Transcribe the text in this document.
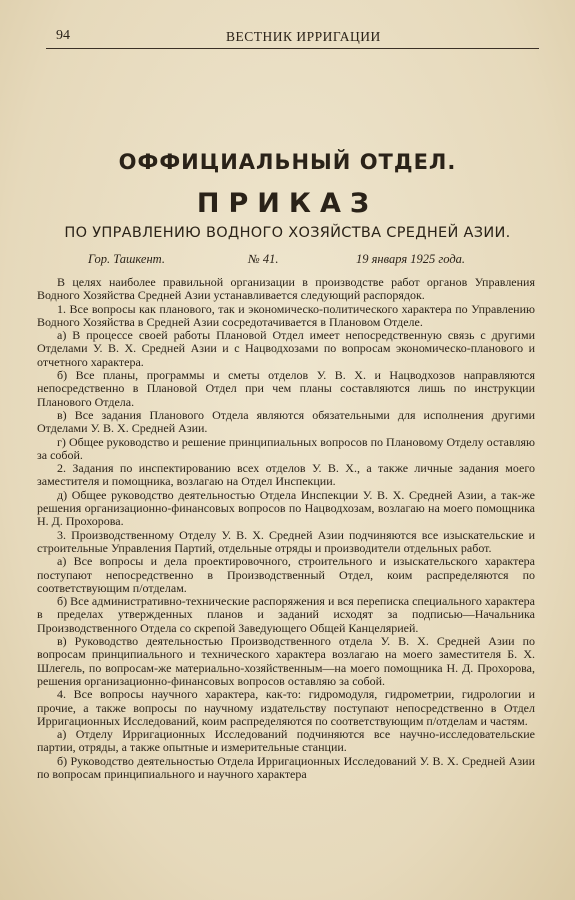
94	ВЕСТНИК ИРРИГАЦИИ
ОФФИЦИАЛЬНЫЙ ОТДЕЛ.
ПРИКАЗ
ПО УПРАВЛЕНИЮ ВОДНОГО ХОЗЯЙСТВА СРЕДНЕЙ АЗИИ.
Гор. Ташкент.	№ 41.	19 января 1925 года.

В целях наиболее правильной организации в производстве работ органов Управления Водного Хозяйства Средней Азии устанавливается следующий распорядок.

1. Все вопросы как планового, так и экономическо-политического характера по Управлению Водного Хозяйства в Средней Азии сосредотачивается в Плановом Отделе.

а) В процессе своей работы Плановой Отдел имеет непосредственную связь с другими Отделами У. В. Х. Средней Азии и с Нацводхозами по вопросам экономическо-планового и отчетного характера.

б) Все планы, программы и сметы отделов У. В. Х. и Нацводхозов направляются непосредственно в Плановой Отдел при чем планы составляются лишь по инструкции Планового Отдела.

в) Все задания Планового Отдела являются обязательными для исполнения другими Отделами У. В. Х. Средней Азии.

г) Общее руководство и решение принципиальных вопросов по Плановому Отделу оставляю за собой.

2. Задания по инспектированию всех отделов У. В. Х., а также личные задания моего заместителя и помощника, возлагаю на Отдел Инспекции.

д) Общее руководство деятельностью Отдела Инспекции У. В. Х. Средней Азии, а так-же решения организационно-финансовых вопросов по Нацводхозам, возлагаю на моего помощника Н. Д. Прохорова.

3. Производственному Отделу У. В. Х. Средней Азии подчиняются все изыскательские и строительные Управления Партий, отдельные отряды и производители отдельных работ.

а) Все вопросы и дела проектировочного, строительного и изыскательского характера поступают непосредственно в Производственный Отдел, коим распределяются по соответствующим п/отделам.

б) Все административно-технические распоряжения и вся переписка специального характера в пределах утвержденных планов и заданий исходят за подписью—Начальника Производственного Отдела со скрепой Заведующего Общей Канцелярией.

в) Руководство деятельностью Производственного отдела У. В. Х. Средней Азии по вопросам принципиального и технического характера возлагаю на моего заместителя Б. Х. Шлегель, по вопросам-же материально-хозяйственным—на моего помощника Н. Д. Прохорова, решения организационно-финансовых вопросов оставляю за собой.

4. Все вопросы научного характера, как-то: гидромодуля, гидрометрии, гидрологии и прочие, а также вопросы по научному издательству поступают непосредственно в Отдел Ирригационных Исследований, коим распределяются по соответствующим п/отделам и частям.

а) Отделу Ирригационных Исследований подчиняются все научно-исследовательские партии, отряды, а также опытные и измерительные станции.

б) Руководство деятельностью Отдела Ирригационных Исследований У. В. Х. Средней Азии по вопросам принципиального и научного характера
